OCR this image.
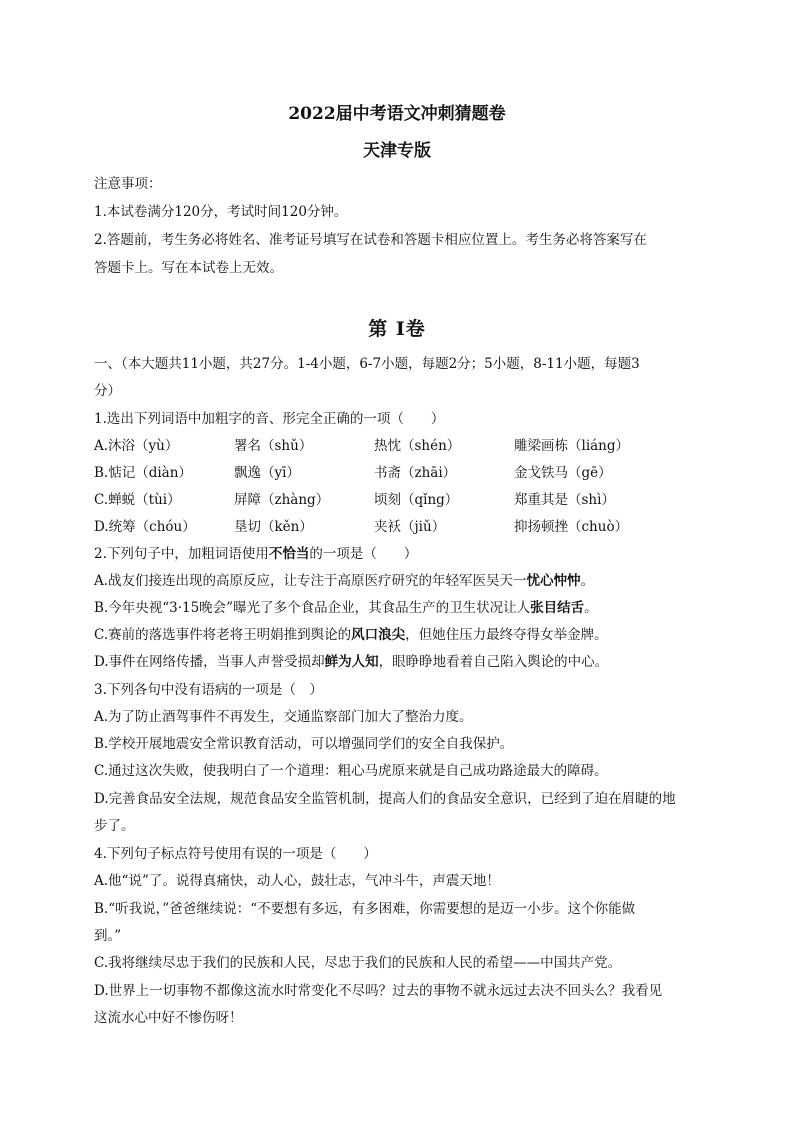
2022届中考语文冲刺猜题卷
天津专版
注意事项：
1.本试卷满分120分，考试时间120分钟。
2.答题前，考生务必将姓名、准考证号填写在试卷和答题卡相应位置上。考生务必将答案写在
答题卡上。写在本试卷上无效。
第 I卷
一、（本大题共11小题，共27分。1-4小题，6-7小题，每题2分；5小题，8-11小题，每题3
分）
1.选出下列词语中加粗字的音、形完全正确的一项（　　）
A.沐浴（yù）	署名（shǔ）	热忱（shén）	雕梁画栋（liáng）
B.惦记（diàn）	飘逸（yī）	书斋（zhāi）	金戈铁马（gē）
C.蝉蜕（tùi）	屏障（zhàng）	顷刻（qǐng）	郑重其是（shì）
D.统筹（chóu）	垦切（kěn）	夹袄（jiǔ）	抑扬顿挫（chuò）
2.下列句子中，加粗词语使用不恰当的一项是（　　）
A.战友们接连出现的高原反应，让专注于高原医疗研究的年轻军医吴天一忧心忡忡。
B.今年央视“3·15晚会”曝光了多个食品企业，其食品生产的卫生状况让人张目结舌。
C.赛前的落选事件将老将王明娟推到舆论的风口浪尖，但她住压力最终夺得女举金牌。
D.事件在网络传播，当事人声誉受损却鲜为人知，眼睁睁地看着自己陷入舆论的中心。
3.下列各句中没有语病的一项是（　）
A.为了防止酒驾事件不再发生，交通监察部门加大了整治力度。
B.学校开展地震安全常识教育活动，可以增强同学们的安全自我保护。
C.通过这次失败，使我明白了一个道理：粗心马虎原来就是自己成功路途最大的障碍。
D.完善食品安全法规，规范食品安全监管机制，提高人们的食品安全意识，已经到了迫在眉睫的地
步了。
4.下列句子标点符号使用有误的一项是（　　）
A.他“说”了。说得真痛快，动人心，鼓壮志，气冲斗牛，声震天地！
B.“听我说，”爸爸继续说：“不要想有多远，有多困难，你需要想的是迈一小步。这个你能做
到。”
C.我将继续尽忠于我们的民族和人民，尽忠于我们的民族和人民的希望——中国共产党。
D.世界上一切事物不都像这流水时常变化不尽吗？过去的事物不就永远过去决不回头么？我看见
这流水心中好不惨伤呀！
